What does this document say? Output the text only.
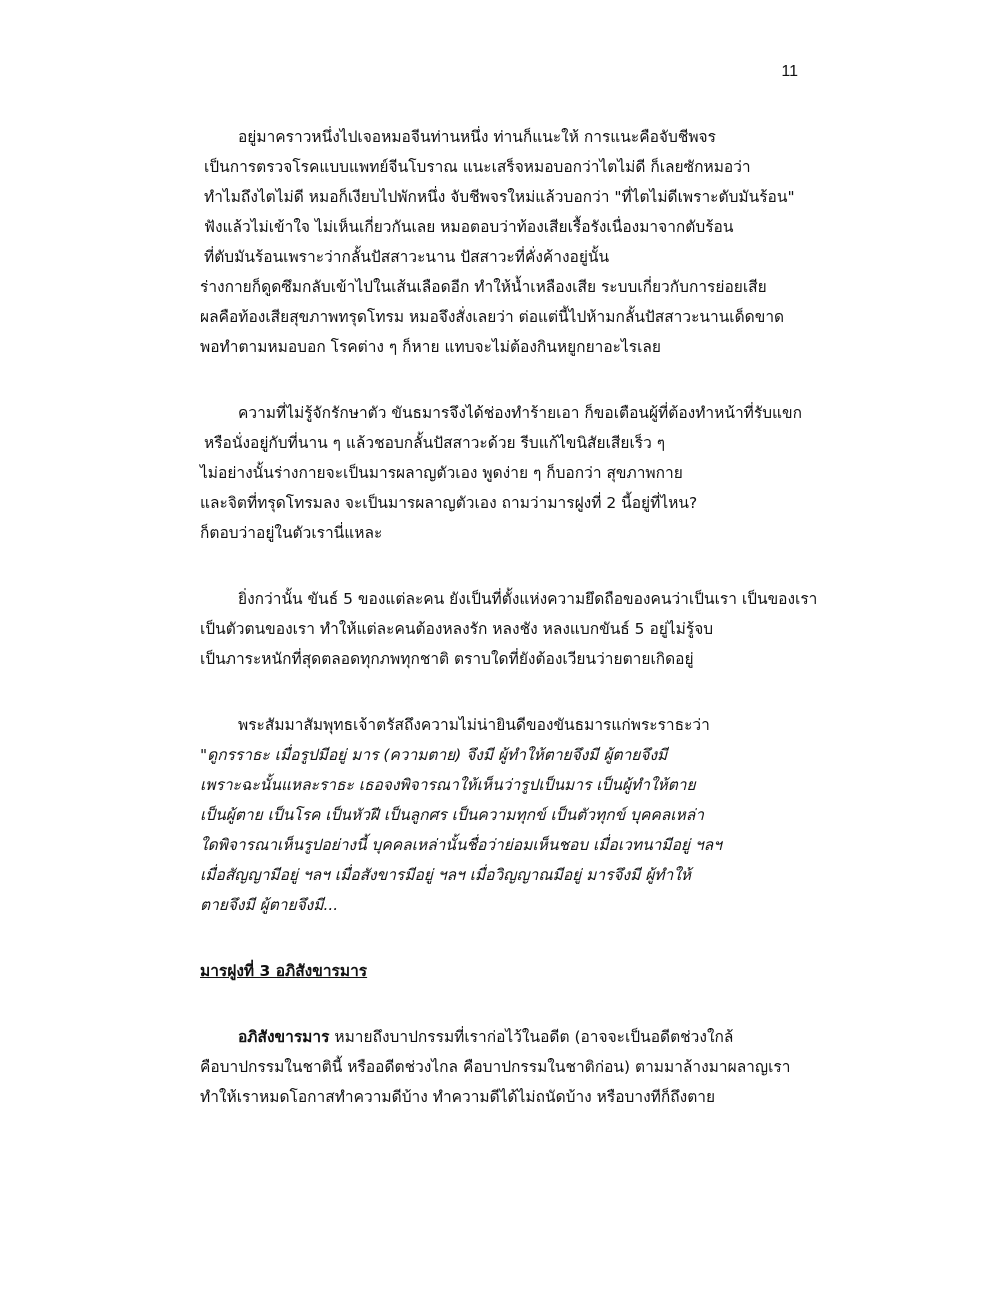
11
อยู่มาคราวหนึ่งไปเจอหมอจีนท่านหนึ่ง ท่านก็แนะให้ การแนะคือจับชีพจร
เป็นการตรวจโรคแบบแพทย์จีนโบราณ แนะเสร็จหมอบอกว่าไตไม่ดี ก็เลยซักหมอว่า
ทำไมถึงไตไม่ดี หมอก็เงียบไปพักหนึ่ง จับชีพจรใหม่แล้วบอกว่า "ที่ไตไม่ดีเพราะตับมันร้อน"
ฟังแล้วไม่เข้าใจ ไม่เห็นเกี่ยวกันเลย หมอตอบว่าท้องเสียเรื้อรังเนื่องมาจากตับร้อน
ที่ตับมันร้อนเพราะว่ากลั้นปัสสาวะนาน ปัสสาวะที่คั่งค้างอยู่นั้น
ร่างกายก็ดูดซึมกลับเข้าไปในเส้นเลือดอีก ทำให้น้ำเหลืองเสีย ระบบเกี่ยวกับการย่อยเสีย
ผลคือท้องเสียสุขภาพทรุดโทรม หมอจึงสั่งเลยว่า ต่อแต่นี้ไปห้ามกลั้นปัสสาวะนานเด็ดขาด
พอทำตามหมอบอก โรคต่าง ๆ ก็หาย แทบจะไม่ต้องกินหยูกยาอะไรเลย
ความที่ไม่รู้จักรักษาตัว ขันธมารจึงได้ช่องทำร้ายเอา ก็ขอเตือนผู้ที่ต้องทำหน้าที่รับแขก
หรือนั่งอยู่กับที่นาน ๆ แล้วชอบกลั้นปัสสาวะด้วย รีบแก้ไขนิสัยเสียเร็ว ๆ
ไม่อย่างนั้นร่างกายจะเป็นมารผลาญตัวเอง พูดง่าย ๆ ก็บอกว่า สุขภาพกาย
และจิตที่ทรุดโทรมลง จะเป็นมารผลาญตัวเอง ถามว่ามารฝูงที่ 2 นี้อยู่ที่ไหน?
ก็ตอบว่าอยู่ในตัวเรานี่แหละ
ยิ่งกว่านั้น ขันธ์ 5 ของแต่ละคน ยังเป็นที่ตั้งแห่งความยึดถือของคนว่าเป็นเรา เป็นของเรา
เป็นตัวตนของเรา ทำให้แต่ละคนต้องหลงรัก หลงชัง หลงแบกขันธ์ 5 อยู่ไม่รู้จบ
เป็นภาระหนักที่สุดตลอดทุกภพทุกชาติ ตราบใดที่ยังต้องเวียนว่ายตายเกิดอยู่
พระสัมมาสัมพุทธเจ้าตรัสถึงความไม่น่ายินดีของขันธมารแก่พระราธะว่า
"ดูกรราธะ เมื่อรูปมีอยู่ มาร (ความตาย) จึงมี ผู้ทำให้ตายจึงมี ผู้ตายจึงมี
เพราะฉะนั้นแหละราธะ เธอจงพิจารณาให้เห็นว่ารูปเป็นมาร เป็นผู้ทำให้ตาย
เป็นผู้ตาย เป็นโรค เป็นหัวฝี เป็นลูกศร เป็นความทุกข์ เป็นตัวทุกข์ บุคคลเหล่า
ใดพิจารณาเห็นรูปอย่างนี้ บุคคลเหล่านั้นชื่อว่าย่อมเห็นชอบ เมื่อเวทนามีอยู่ ฯลฯ
เมื่อสัญญามีอยู่ ฯลฯ เมื่อสังขารมีอยู่ ฯลฯ เมื่อวิญญาณมีอยู่ มารจึงมี ผู้ทำให้
ตายจึงมี ผู้ตายจึงมี...
มารฝูงที่ 3 อภิสังขารมาร
อภิสังขารมาร หมายถึงบาปกรรมที่เราก่อไว้ในอดีต (อาจจะเป็นอดีตช่วงใกล้
คือบาปกรรมในชาตินี้ หรืออดีตช่วงไกล คือบาปกรรมในชาติก่อน) ตามมาล้างมาผลาญเรา
ทำให้เราหมดโอกาสทำความดีบ้าง ทำความดีได้ไม่ถนัดบ้าง หรือบางทีก็ถึงตาย
